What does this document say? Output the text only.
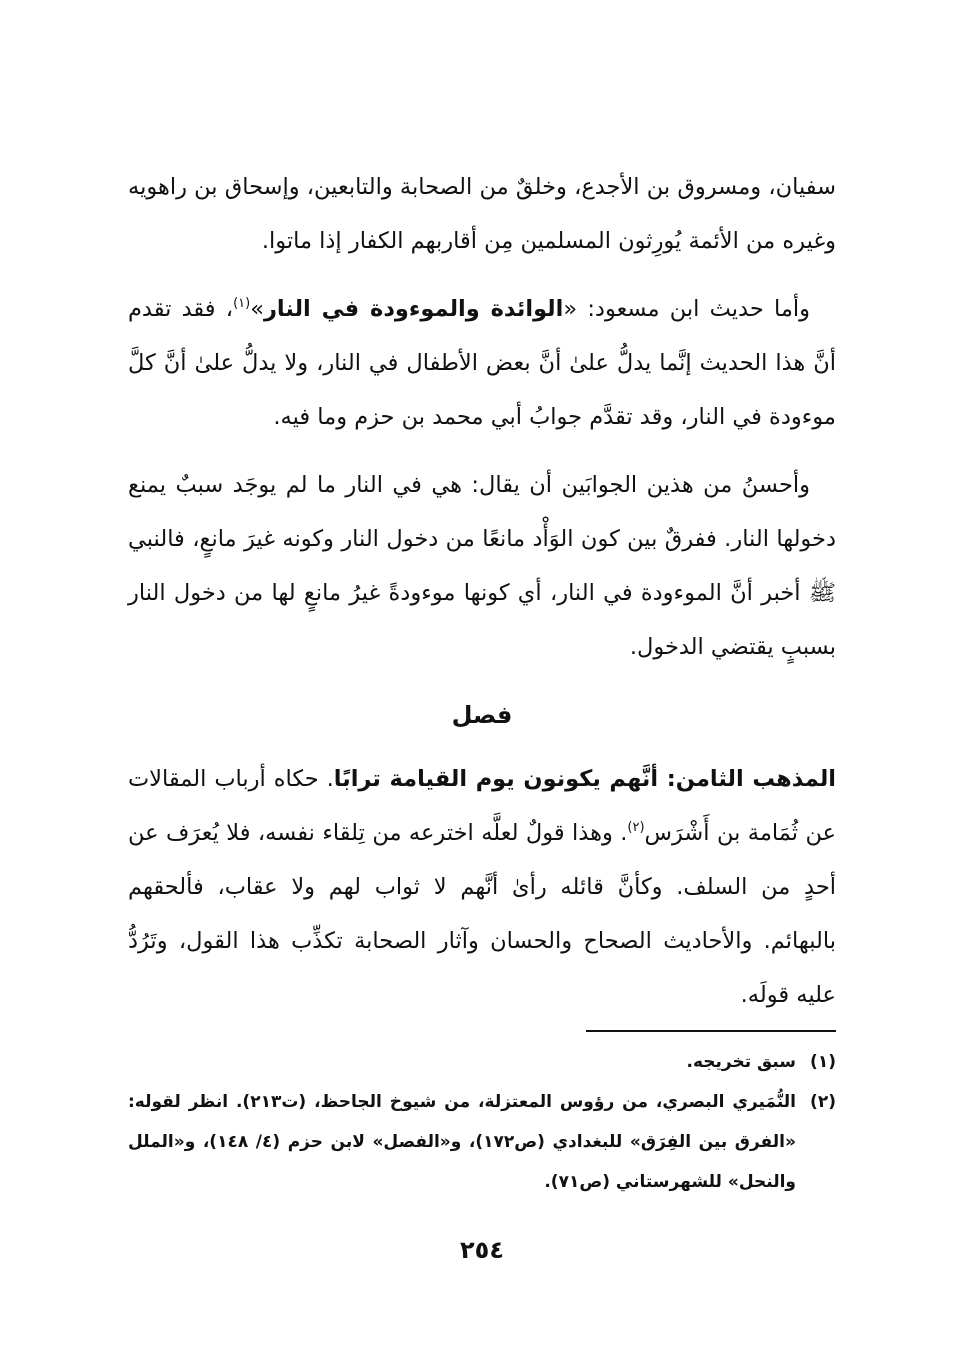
سفيان، ومسروق بن الأجدع، وخلقٌ من الصحابة والتابعين، وإسحاق بن راهويه وغيره من الأئمة يُورِثون المسلمين مِن أقاربهم الكفار إذا ماتوا.

وأما حديث ابن مسعود: «الوائدة والموءودة في النار»$^{(١)}$، فقد تقدم أنَّ هذا الحديث إنَّما يدلُّ علىٰ أنَّ بعض الأطفال في النار، ولا يدلُّ علىٰ أنَّ كلَّ موءودة في النار، وقد تقدَّم جوابُ أبي محمد بن حزم وما فيه.

وأحسنُ من هذين الجوابَين أن يقال: هي في النار ما لم يوجَد سببٌ يمنع دخولها النار. ففرقٌ بين كون الوَأْد مانعًا من دخول النار وكونه غيرَ مانعٍ، فالنبي ﷺ أخبر أنَّ الموءودة في النار، أي كونها موءودةً غيرُ مانعٍ لها من دخول النار بسببٍ يقتضي الدخول.

فصل

المذهب الثامن: أنَّهم يكونون يوم القيامة ترابًا. حكاه أرباب المقالات عن ثُمَامة بن أَشْرَس$^{(٢)}$. وهذا قولٌ لعلَّه اخترعه من تِلقاء نفسه، فلا يُعرَف عن أحدٍ من السلف. وكأنَّ قائله رأىٰ أنَّهم لا ثواب لهم ولا عقاب، فألحقهم بالبهائم. والأحاديث الصحاح والحسان وآثار الصحابة تكذِّب هذا القول، وتَرُدُّ عليه قولَه.

(١)
سبق تخريجه.
(٢)
النُّمَيري البصري، من رؤوس المعتزلة، من شيوخ الجاحظ، (ت٢١٣). انظر لقوله: «الفرق بين الفِرَق» للبغدادي (ص١٧٢)، و«الفصل» لابن حزم (٤/ ١٤٨)، و«الملل والنحل» للشهرستاني (ص٧١).
٢٥٤
